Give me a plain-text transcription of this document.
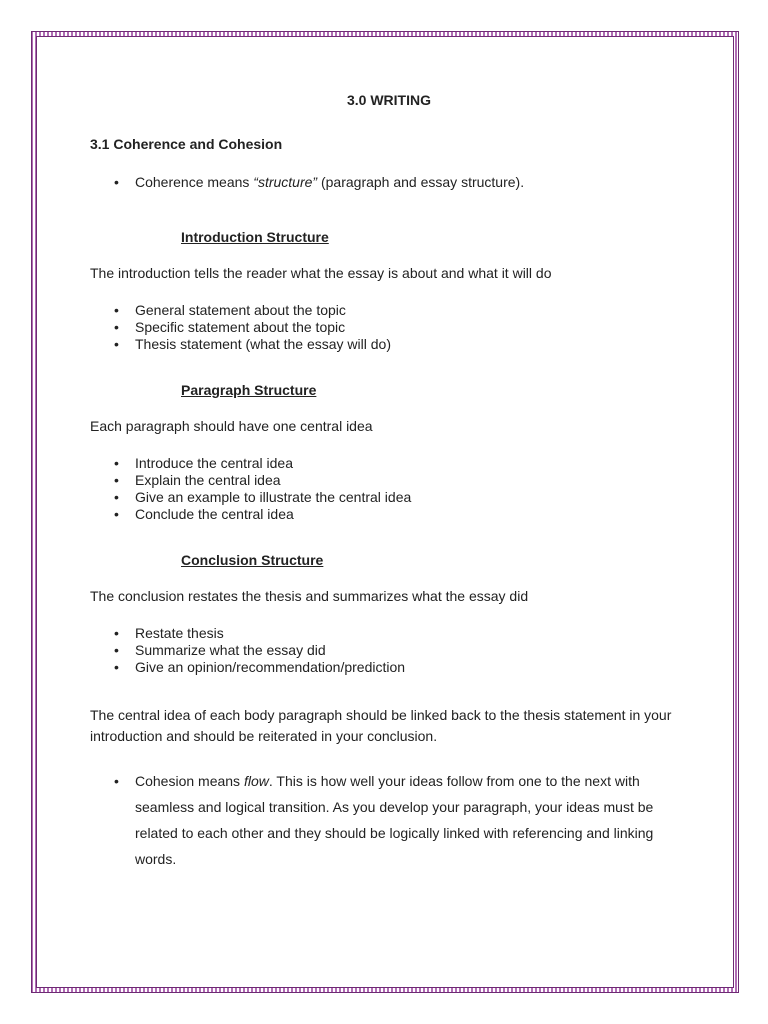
3.0 WRITING
3.1 Coherence and Cohesion
• Coherence means “structure” (paragraph and essay structure).
Introduction Structure

The introduction tells the reader what the essay is about and what it will do

• General statement about the topic
• Specific statement about the topic
• Thesis statement (what the essay will do)
Paragraph Structure

Each paragraph should have one central idea

• Introduce the central idea
• Explain the central idea
• Give an example to illustrate the central idea
• Conclude the central idea
Conclusion Structure

The conclusion restates the thesis and summarizes what the essay did

• Restate thesis
• Summarize what the essay did
• Give an opinion/recommendation/prediction

The central idea of each body paragraph should be linked back to the thesis statement in your introduction and should be reiterated in your conclusion.

• Cohesion means flow. This is how well your ideas follow from one to the next with seamless and logical transition. As you develop your paragraph, your ideas must be related to each other and they should be logically linked with referencing and linking words.
